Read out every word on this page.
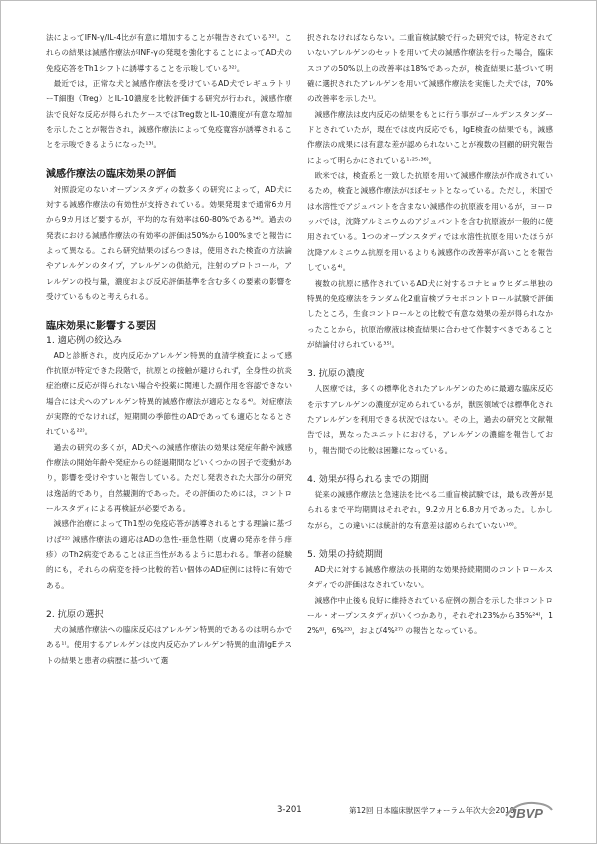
法によってIFN-γ/IL-4比が有意に増加することが報告されている³²⁾。これらの結果は減感作療法がINF-γの発現を強化することによってAD犬の免疫応答をTh1シフトに誘導することを示唆している³²⁾。

最近では，正常な犬と減感作療法を受けているAD犬でレギュラトリーT細胞（Treg）とIL-10濃度を比較評価する研究が行われ，減感作療法で良好な反応が得られたケースではTreg数とIL-10濃度が有意な増加を示したことが報告され，減感作療法によって免疫寛容が誘導されることを示唆できるようになった¹³⁾。

減感作療法の臨床効果の評価

対照設定のないオープンスタディの数多くの研究によって，AD犬に対する減感作療法の有効性が支持されている。効果発現まで通常6カ月から9カ月ほど要するが，平均的な有効率は60-80%である³⁴⁾。過去の発表における減感作療法の有効率の評価は50%から100%までと報告によって異なる。これら研究結果のばらつきは，使用された検査の方法論やアレルゲンのタイプ，アレルゲンの供給元，注射のプロトコール，アレルゲンの投与量，濃度および反応評価基準を含む多くの要素の影響を受けているものと考えられる。

臨床効果に影響する要因
1. 適応例の絞込み

ADと診断され，皮内反応かアレルゲン特異的血清学検査によって感作抗原が特定できた段階で，抗原との接触が避けられず，全身性の抗炎症治療に反応が得られない場合や投薬に関連した副作用を容認できない場合には犬へのアレルゲン特異的減感作療法が適応となる⁴⁾。対症療法が実際的でなければ，短期間の季節性のADであっても適応となるとされている²²⁾。

過去の研究の多くが，AD犬への減感作療法の効果は発症年齢や減感作療法の開始年齢や発症からの経過期間などいくつかの因子で変動があり，影響を受けやすいと報告している。ただし発表された大部分の研究は逸話的であり，自然観測的であった。その評価のためには，コントロールスタディによる再検証が必要である。

減感作治療によってTh1型の免疫応答が誘導されるとする理論に基づけば²²⁾ 減感作療法の適応はADの急性-亜急性期（皮膚の発赤を伴う痒疹）のTh2病変であることは正当性があるように思われる。筆者の経験的にも，それらの病変を持つ比較的若い個体のAD症例には特に有効である。

2. 抗原の選択

犬の減感作療法への臨床反応はアレルゲン特異的であるのは明らかである¹⁾。使用するアレルゲンは皮内反応かアレルゲン特異的血清IgEテストの結果と患者の病歴に基づいて選

択されなければならない。二重盲検試験で行った研究では，特定されていないアレルゲンのセットを用いて犬の減感作療法を行った場合，臨床スコアの50%以上の改善率は18%であったが，検査結果に基づいて明確に選択されたアレルゲンを用いて減感作療法を実施した犬では，70%の改善率を示した¹⁾。

減感作療法は皮内反応の結果をもとに行う事がゴールデンスタンダードとされていたが，現在では皮内反応でも，IgE検査の結果でも，減感作療法の成果には有意な差が認められないことが複数の回顧的研究報告によって明らかにされている¹·²⁵·³⁶⁾。

欧米では，検査系と一致した抗原を用いて減感作療法が作成されているため，検査と減感作療法がほぼセットとなっている。ただし，米国では水溶性でアジュバントを含まない減感作の抗原液を用いるが，ヨーロッパでは，沈降アルミニウムのアジュバントを含む抗原液が一般的に使用されている。1つのオープンスタディでは水溶性抗原を用いたほうが沈降アルミニウム抗原を用いるよりも減感作の改善率が高いことを報告している⁴⁾。

複数の抗原に感作されているAD犬に対するコナヒョウヒダニ単独の特異的免疫療法をランダム化2重盲検プラセボコントロール試験で評価したところ，生食コントロールとの比較で有意な効果の差が得られなかったことから，抗原治療液は検査結果に合わせて作製すべきであることが結論付けられている³⁵⁾。

3. 抗原の濃度

人医療では，多くの標準化されたアレルゲンのために最適な臨床反応を示すアレルゲンの濃度が定められているが，獣医領域では標準化されたアレルゲンを利用できる状況ではない。その上，過去の研究と文献報告では，異なったユニットにおける，アレルゲンの濃縮を報告しており，報告間での比較は困難になっている。

4. 効果が得られるまでの期間

従来の減感作療法と急速法を比べる二重盲検試験では，最も改善が見られるまで平均期間はそれぞれ，9.2カ月と6.8カ月であった。しかしながら，この違いには統計的な有意差は認められていない¹⁶⁾。

5. 効果の持続期間

AD犬に対する減感作療法の長期的な効果持続期間のコントロールスタディでの評価はなされていない。

減感作中止後も良好に維持されている症例の割合を示した非コントロール・オープンスタディがいくつかあり，それぞれ23%から35%²⁴⁾，12%⁸⁾，6%²³⁾，および4%²⁷⁾ の報告となっている。

3-201	第12回 日本臨床獣医学フォーラム年次大会2010
JBVP
